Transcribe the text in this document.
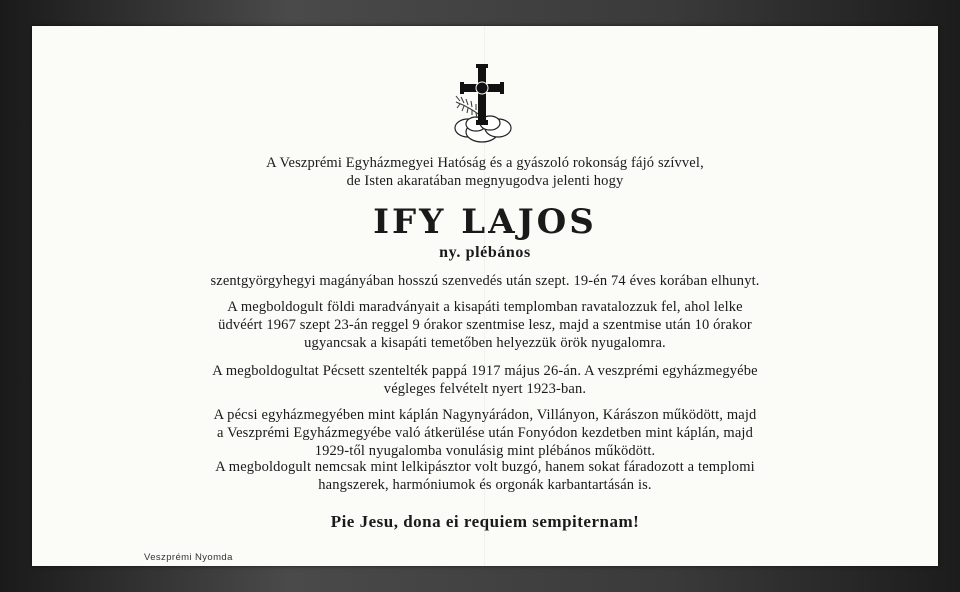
A Veszprémi Egyházmegyei Hatóság és a gyászoló rokonság fájó szívvel,
de Isten akaratában megnyugodva jelenti hogy
IFY LAJOS
ny. plébános
szentgyörgyhegyi magányában hosszú szenvedés után szept. 19-én 74 éves korában elhunyt.
A megboldogult földi maradványait a kisapáti templomban ravatalozzuk fel, ahol lelke
üdvéért 1967 szept 23-án reggel 9 órakor szentmise lesz, majd a szentmise után 10 órakor
ugyancsak a kisapáti temetőben helyezzük örök nyugalomra.
A megboldogultat Pécsett szentelték pappá 1917 május 26-án. A veszprémi egyházmegyébe
végleges felvételt nyert 1923-ban.
A pécsi egyházmegyében mint káplán Nagynyárádon, Villányon, Kárászon működött, majd
a Veszprémi Egyházmegyébe való átkerülése után Fonyódon kezdetben mint káplán, majd
1929-től nyugalomba vonulásig mint plébános működött.
A megboldogult nemcsak mint lelkipásztor volt buzgó, hanem sokat fáradozott a templomi
hangszerek, harmóniumok és orgonák karbantartásán is.
Pie Jesu, dona ei requiem sempiternam!
Veszprémi Nyomda
